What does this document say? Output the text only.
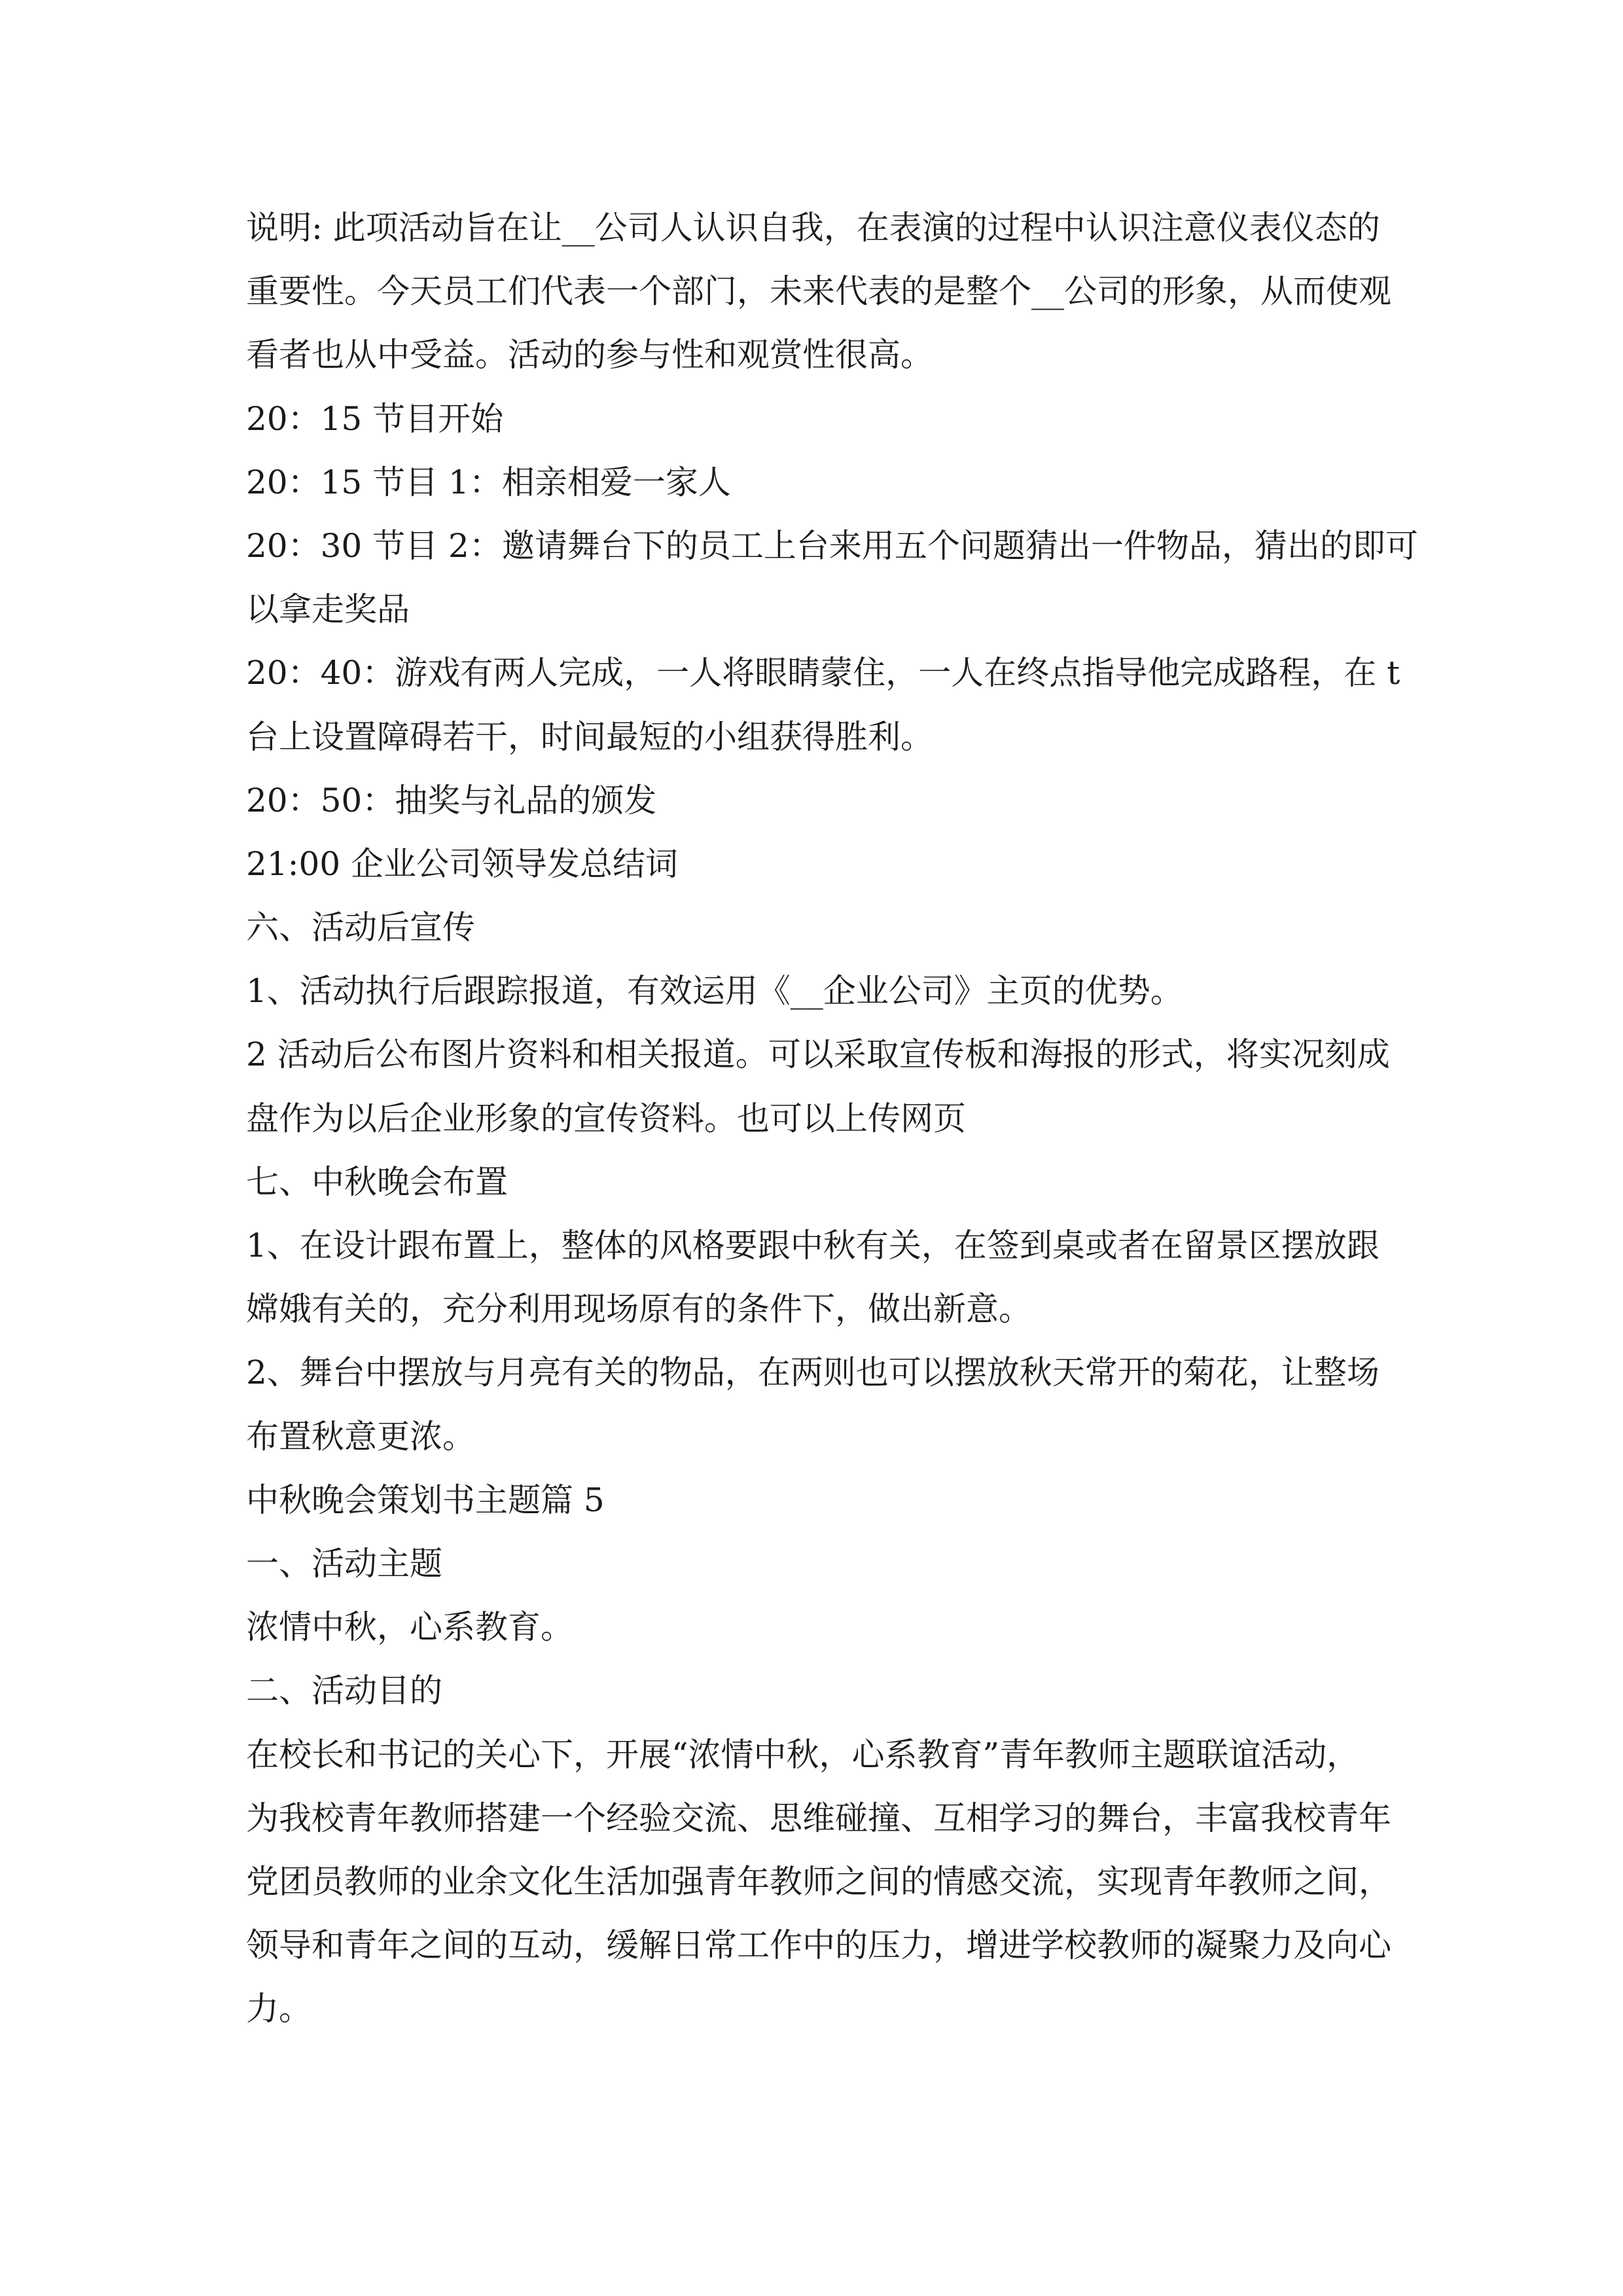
说明: 此项活动旨在让__公司人认识自我，在表演的过程中认识注意仪表仪态的
重要性。今天员工们代表一个部门，未来代表的是整个__公司的形象，从而使观
看者也从中受益。活动的参与性和观赏性很高。
20：15 节目开始
20：15 节目 1：相亲相爱一家人
20：30 节目 2：邀请舞台下的员工上台来用五个问题猜出一件物品，猜出的即可
以拿走奖品
20：40：游戏有两人完成，一人将眼睛蒙住，一人在终点指导他完成路程，在 t
台上设置障碍若干，时间最短的小组获得胜利。
20：50：抽奖与礼品的颁发
21:00 企业公司领导发总结词
六、活动后宣传
1、活动执行后跟踪报道，有效运用《__企业公司》主页的优势。
2 活动后公布图片资料和相关报道。可以采取宣传板和海报的形式，将实况刻成
盘作为以后企业形象的宣传资料。也可以上传网页
七、中秋晚会布置
1、在设计跟布置上，整体的风格要跟中秋有关，在签到桌或者在留景区摆放跟
嫦娥有关的，充分利用现场原有的条件下，做出新意。
2、舞台中摆放与月亮有关的物品，在两则也可以摆放秋天常开的菊花，让整场
布置秋意更浓。
中秋晚会策划书主题篇 5
一、活动主题
浓情中秋，心系教育。
二、活动目的
在校长和书记的关心下，开展“浓情中秋，心系教育”青年教师主题联谊活动，
为我校青年教师搭建一个经验交流、思维碰撞、互相学习的舞台，丰富我校青年
党团员教师的业余文化生活加强青年教师之间的情感交流，实现青年教师之间，
领导和青年之间的互动，缓解日常工作中的压力，增进学校教师的凝聚力及向心
力。
